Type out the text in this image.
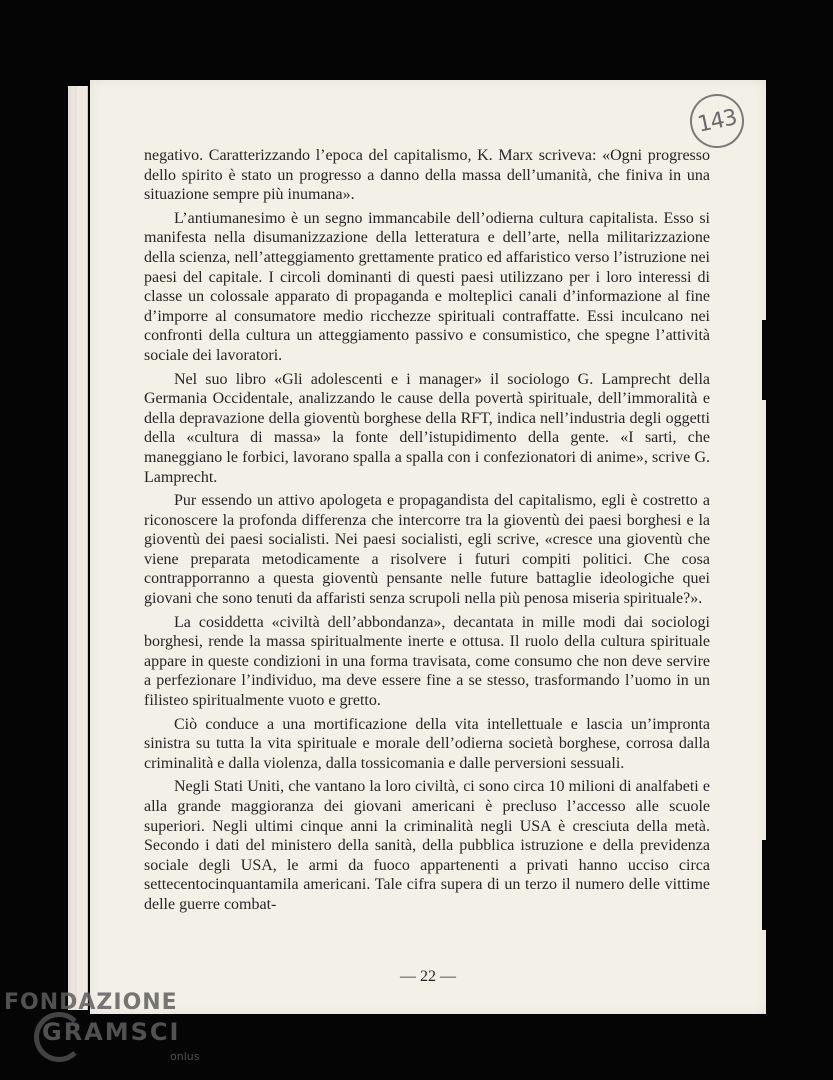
143

negativo. Caratterizzando l’epoca del capitalismo, K. Marx scriveva: «Ogni progresso dello spirito è stato un progresso a danno della massa dell’umanità, che finiva in una situazione sempre più inumana».

L’antiumanesimo è un segno immancabile dell’odierna cultura capitalista. Esso si manifesta nella disumanizzazione della letteratura e dell’arte, nella militarizzazione della scienza, nell’atteggiamento grettamente pratico ed affaristico verso l’istruzione nei paesi del capitale. I circoli dominanti di questi paesi utilizzano per i loro interessi di classe un colossale apparato di propaganda e molteplici canali d’informazione al fine d’imporre al consumatore medio ricchezze spirituali contraffatte. Essi inculcano nei confronti della cultura un atteggiamento passivo e consumistico, che spegne l’attività sociale dei lavoratori.

Nel suo libro «Gli adolescenti e i manager» il sociologo G. Lamprecht della Germania Occidentale, analizzando le cause della povertà spirituale, dell’immoralità e della depravazione della gioventù borghese della RFT, indica nell’industria degli oggetti della «cultura di massa» la fonte dell’istupidimento della gente. «I sarti, che maneggiano le forbici, lavorano spalla a spalla con i confezionatori di anime», scrive G. Lamprecht.

Pur essendo un attivo apologeta e propagandista del capitalismo, egli è costretto a riconoscere la profonda differenza che intercorre tra la gioventù dei paesi borghesi e la gioventù dei paesi socialisti. Nei paesi socialisti, egli scrive, «cresce una gioventù che viene preparata metodicamente a risolvere i futuri compiti politici. Che cosa contrapporranno a questa gioventù pensante nelle future battaglie ideologiche quei giovani che sono tenuti da affaristi senza scrupoli nella più penosa miseria spirituale?».

La cosiddetta «civiltà dell’abbondanza», decantata in mille modi dai sociologi borghesi, rende la massa spiritualmente inerte e ottusa. Il ruolo della cultura spirituale appare in queste condizioni in una forma travisata, come consumo che non deve servire a perfezionare l’individuo, ma deve essere fine a se stesso, trasformando l’uomo in un filisteo spiritualmente vuoto e gretto.

Ciò conduce a una mortificazione della vita intellettuale e lascia un’impronta sinistra su tutta la vita spirituale e morale dell’odierna società borghese, corrosa dalla criminalità e dalla violenza, dalla tossicomania e dalle perversioni sessuali.

Negli Stati Uniti, che vantano la loro civiltà, ci sono circa 10 milioni di analfabeti e alla grande maggioranza dei giovani americani è precluso l’accesso alle scuole superiori. Negli ultimi cinque anni la criminalità negli USA è cresciuta della metà. Secondo i dati del ministero della sanità, della pubblica istruzione e della previdenza sociale degli USA, le armi da fuoco appartenenti a privati hanno ucciso circa settecentocinquantamila americani. Tale cifra supera di un terzo il numero delle vittime delle guerre combat-

— 22 —
FONDAZIONE
GRAMSCI
onlus
